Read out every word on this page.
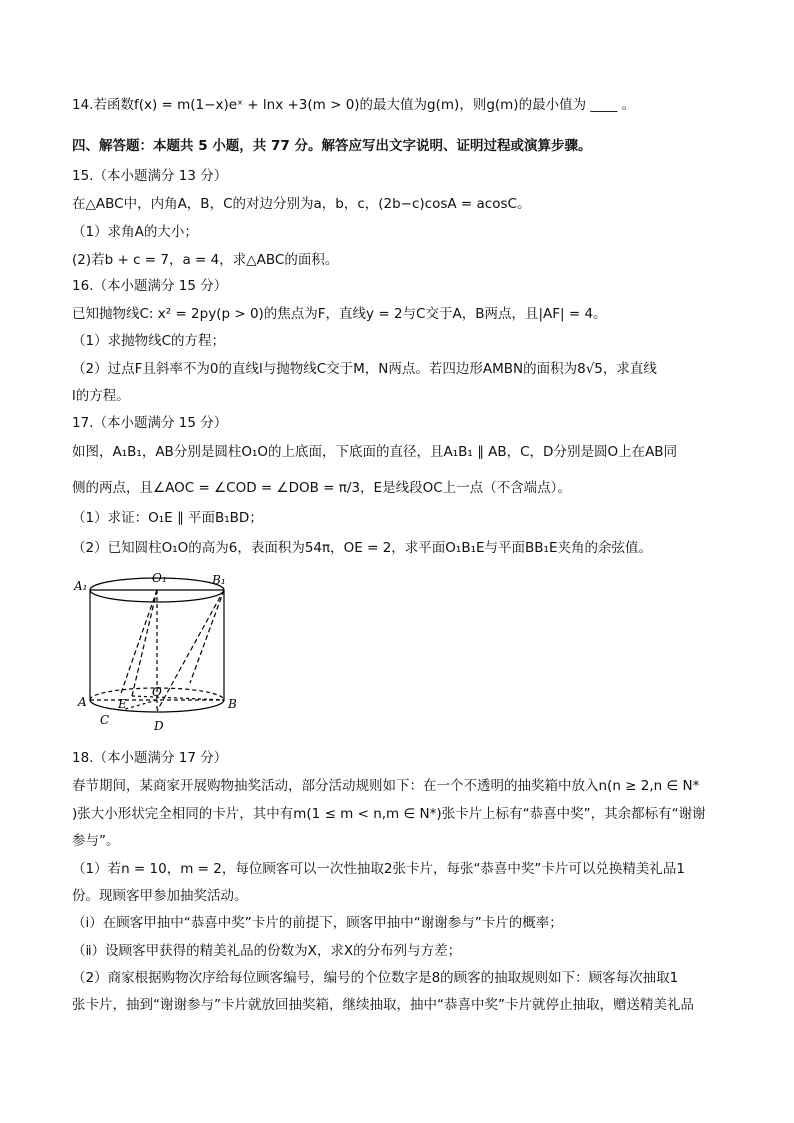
14.若函数f(x) = m(1−x)eˣ + lnx +3(m > 0)的最大值为g(m)，则g(m)的最小值为 ____ 。
四、解答题：本题共 5 小题，共 77 分。解答应写出文字说明、证明过程或演算步骤。
15.（本小题满分 13 分）
在△ABC中，内角A，B，C的对边分别为a，b，c，(2b−c)cosA = acosC。
（1）求角A的大小；
(2)若b + c = 7，a = 4，求△ABC的面积。
16.（本小题满分 15 分）
已知抛物线C: x² = 2py(p > 0)的焦点为F，直线y = 2与C交于A，B两点，且|AF| = 4。
（1）求抛物线C的方程；
（2）过点F且斜率不为0的直线l与抛物线C交于M，N两点。若四边形AMBN的面积为8√5，求直线
l的方程。
17.（本小题满分 15 分）
如图，A₁B₁，AB分别是圆柱O₁O的上底面，下底面的直径，且A₁B₁ ∥ AB，C，D分别是圆O上在AB同
侧的两点，且∠AOC = ∠COD = ∠DOB = π/3，E是线段OC上一点（不含端点）。
（1）求证：O₁E ∥ 平面B₁BD；
（2）已知圆柱O₁O的高为6，表面积为54π，OE = 2，求平面O₁B₁E与平面BB₁E夹角的余弦值。
A₁
O₁	B₁
A	E
O
B
C	D
18.（本小题满分 17 分）
春节期间，某商家开展购物抽奖活动，部分活动规则如下：在一个不透明的抽奖箱中放入n(n ≥ 2,n ∈ N*
)张大小形状完全相同的卡片，其中有m(1 ≤ m < n,m ∈ N*)张卡片上标有“恭喜中奖”，其余都标有“谢谢
参与”。
（1）若n = 10，m = 2，每位顾客可以一次性抽取2张卡片，每张“恭喜中奖”卡片可以兑换精美礼品1
份。现顾客甲参加抽奖活动。
（ⅰ）在顾客甲抽中“恭喜中奖”卡片的前提下，顾客甲抽中“谢谢参与”卡片的概率；
（ⅱ）设顾客甲获得的精美礼品的份数为X，求X的分布列与方差；
（2）商家根据购物次序给每位顾客编号，编号的个位数字是8的顾客的抽取规则如下：顾客每次抽取1
张卡片，抽到“谢谢参与”卡片就放回抽奖箱，继续抽取，抽中“恭喜中奖”卡片就停止抽取，赠送精美礼品
